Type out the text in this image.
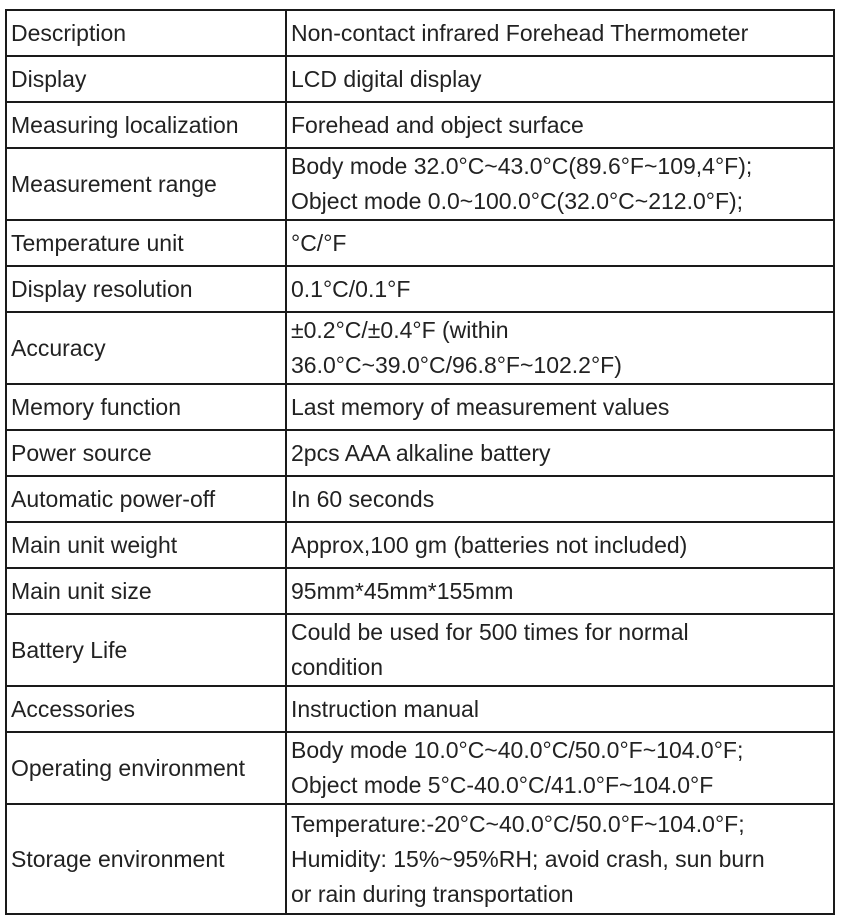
Description	Non-contact infrared Forehead Thermometer

Display	LCD digital display

Measuring localization	Forehead and object surface

Measurement range	Body mode 32.0°C~43.0°C(89.6°F~109,4°F);
Object mode 0.0~100.0°C(32.0°C~212.0°F);

Temperature unit	°C/°F

Display resolution	0.1°C/0.1°F

Accuracy	±0.2°C/±0.4°F (within
36.0°C~39.0°C/96.8°F~102.2°F)

Memory function	Last memory of measurement values

Power source	2pcs AAA alkaline battery

Automatic power-off	In 60 seconds

Main unit weight	Approx,100 gm (batteries not included)

Main unit size	95mm*45mm*155mm

Battery Life	Could be used for 500 times for normal
condition

Accessories	Instruction manual

Operating environment	Body mode 10.0°C~40.0°C/50.0°F~104.0°F;
Object mode 5°C-40.0°C/41.0°F~104.0°F

Storage environment	Temperature:-20°C~40.0°C/50.0°F~104.0°F;
Humidity: 15%~95%RH; avoid crash, sun burn
or rain during transportation
